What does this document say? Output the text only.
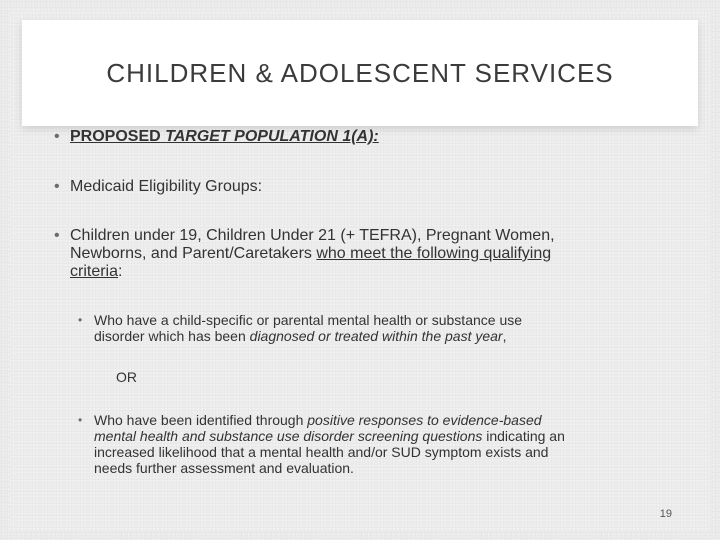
CHILDREN & ADOLESCENT SERVICES
• PROPOSED TARGET POPULATION 1(A):
• Medicaid Eligibility Groups:
• Children under 19, Children Under 21 (+ TEFRA), Pregnant Women,
Newborns, and Parent/Caretakers who meet the following qualifying
criteria:
• Who have a child-specific or parental mental health or substance use
disorder which has been diagnosed or treated within the past year,
OR
• Who have been identified through positive responses to evidence-based
mental health and substance use disorder screening questions indicating an
increased likelihood that a mental health and/or SUD symptom exists and
needs further assessment and evaluation.
19
